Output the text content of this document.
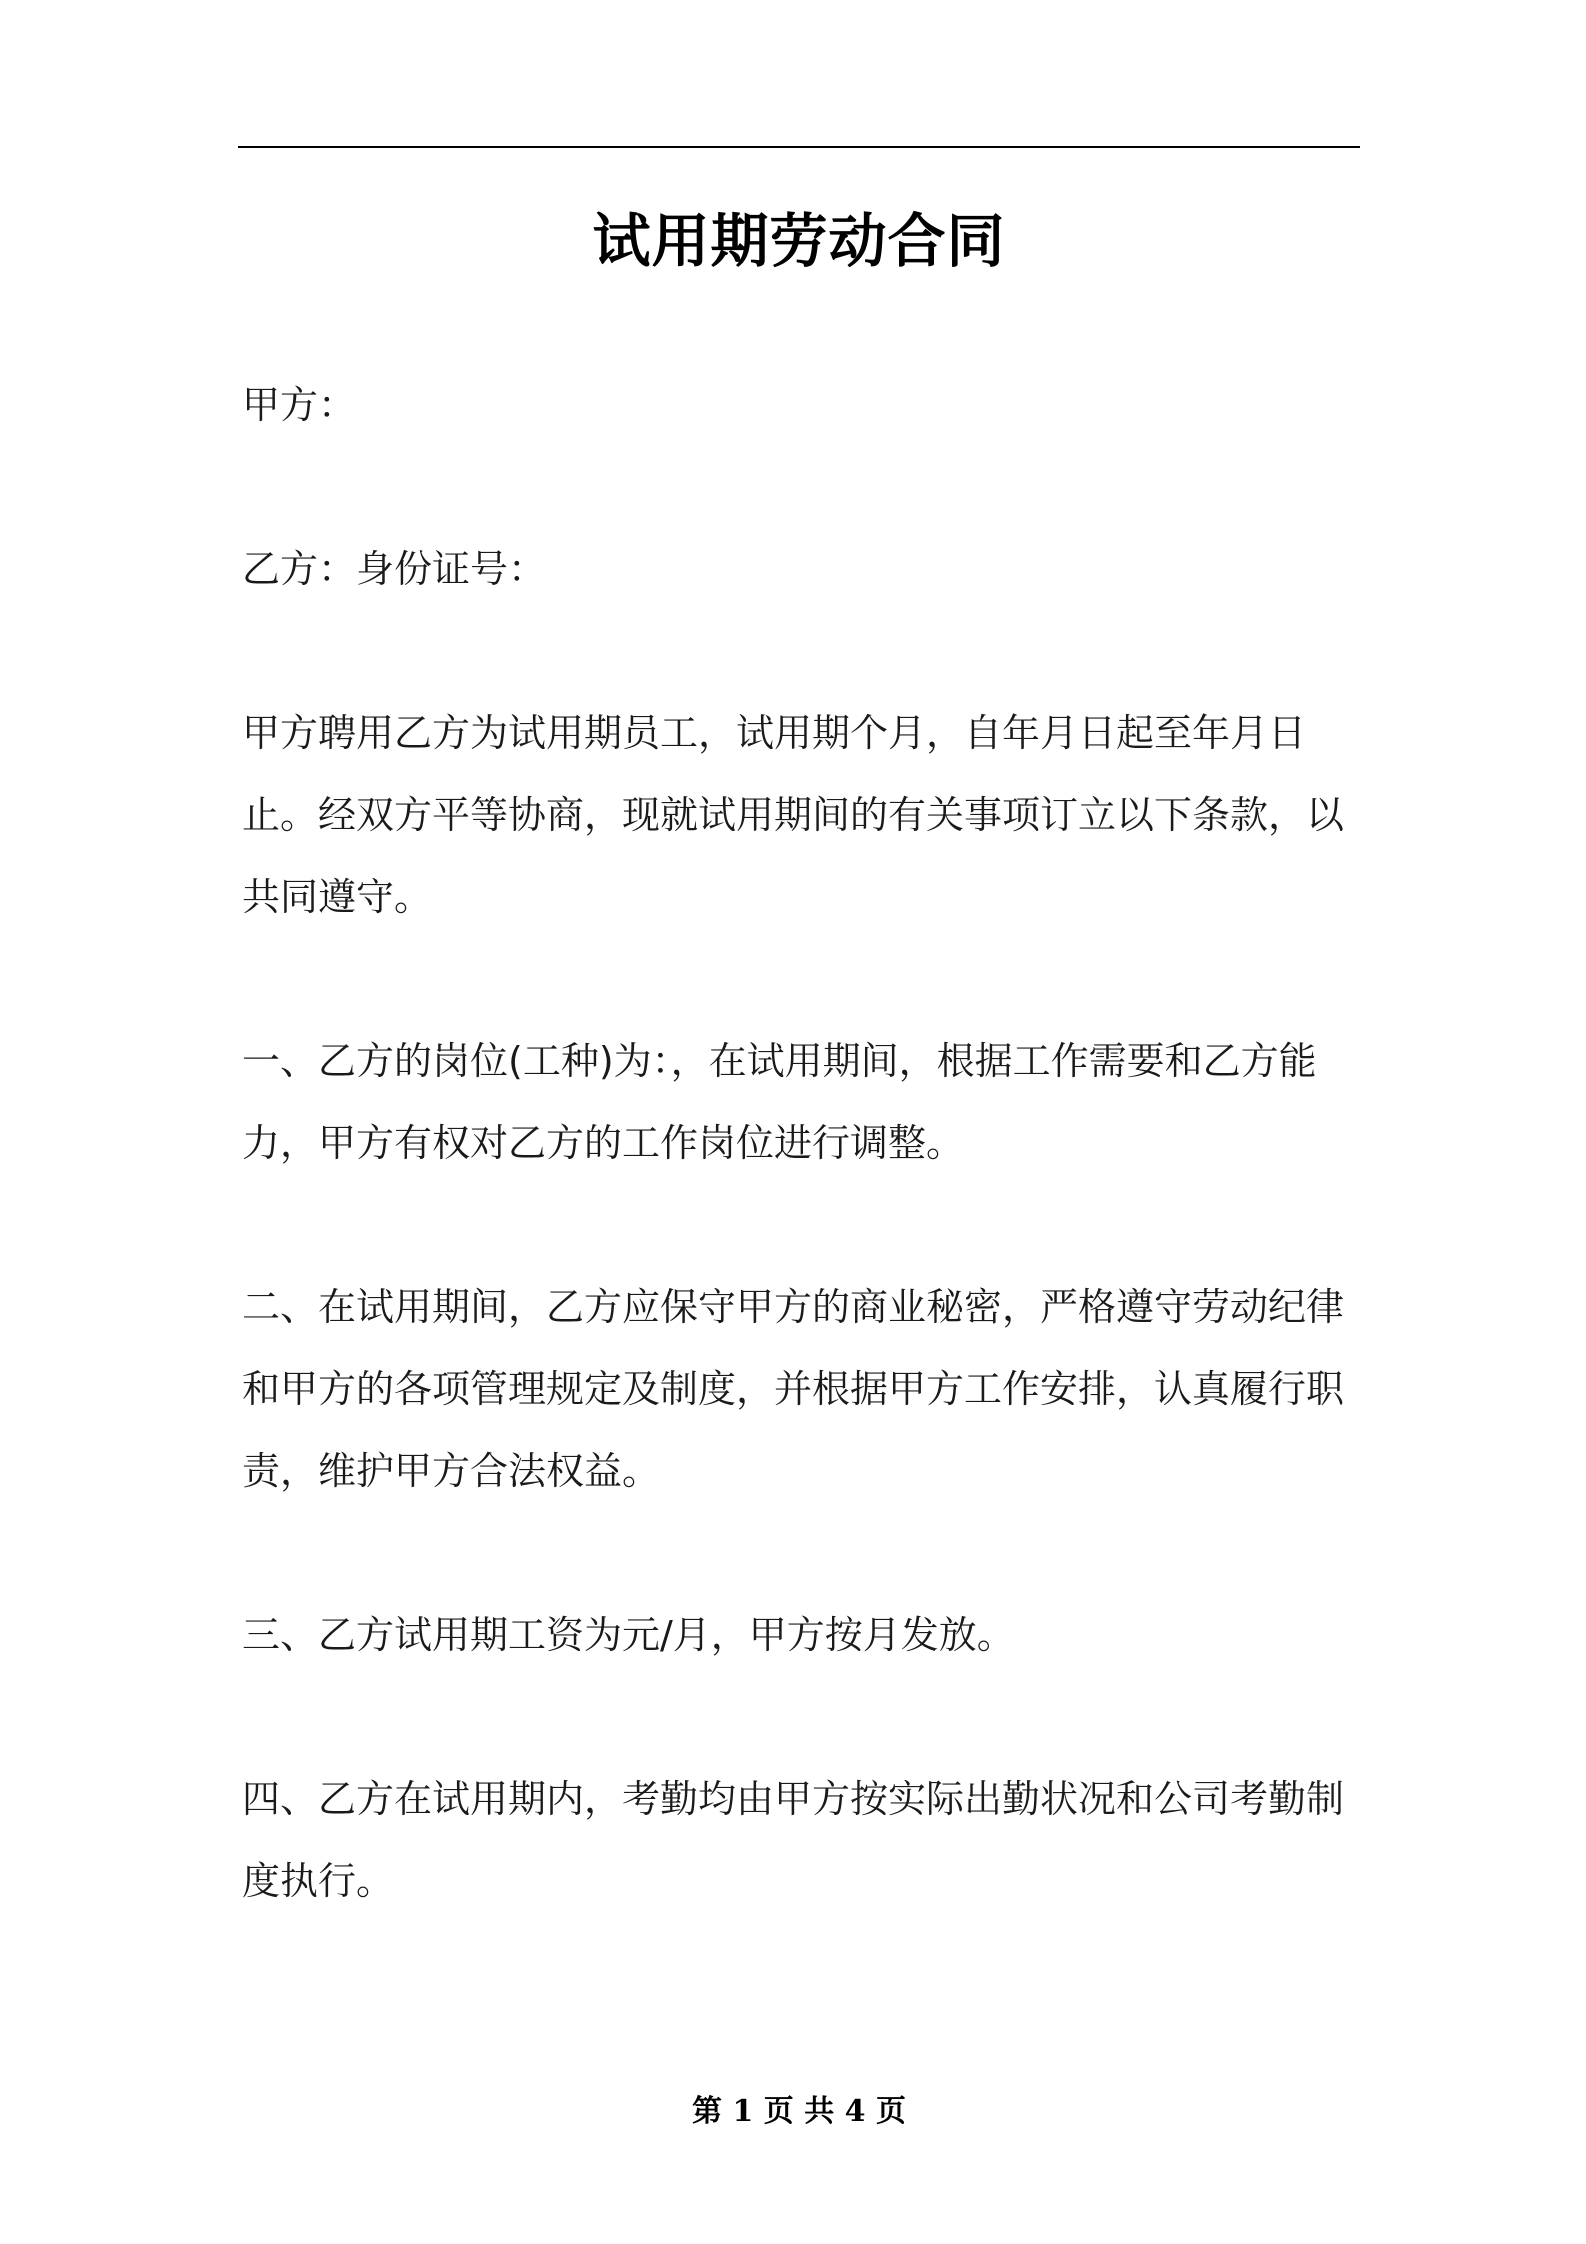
试用期劳动合同

甲方：

乙方：身份证号：

甲方聘用乙方为试用期员工，试用期个月，自年月日起至年月日止。经双方平等协商，现就试用期间的有关事项订立以下条款，以共同遵守。

一、乙方的岗位(工种)为：，在试用期间，根据工作需要和乙方能力，甲方有权对乙方的工作岗位进行调整。

二、在试用期间，乙方应保守甲方的商业秘密，严格遵守劳动纪律和甲方的各项管理规定及制度，并根据甲方工作安排，认真履行职责，维护甲方合法权益。

三、乙方试用期工资为元/月，甲方按月发放。

四、乙方在试用期内，考勤均由甲方按实际出勤状况和公司考勤制度执行。

第 1 页 共 4 页
